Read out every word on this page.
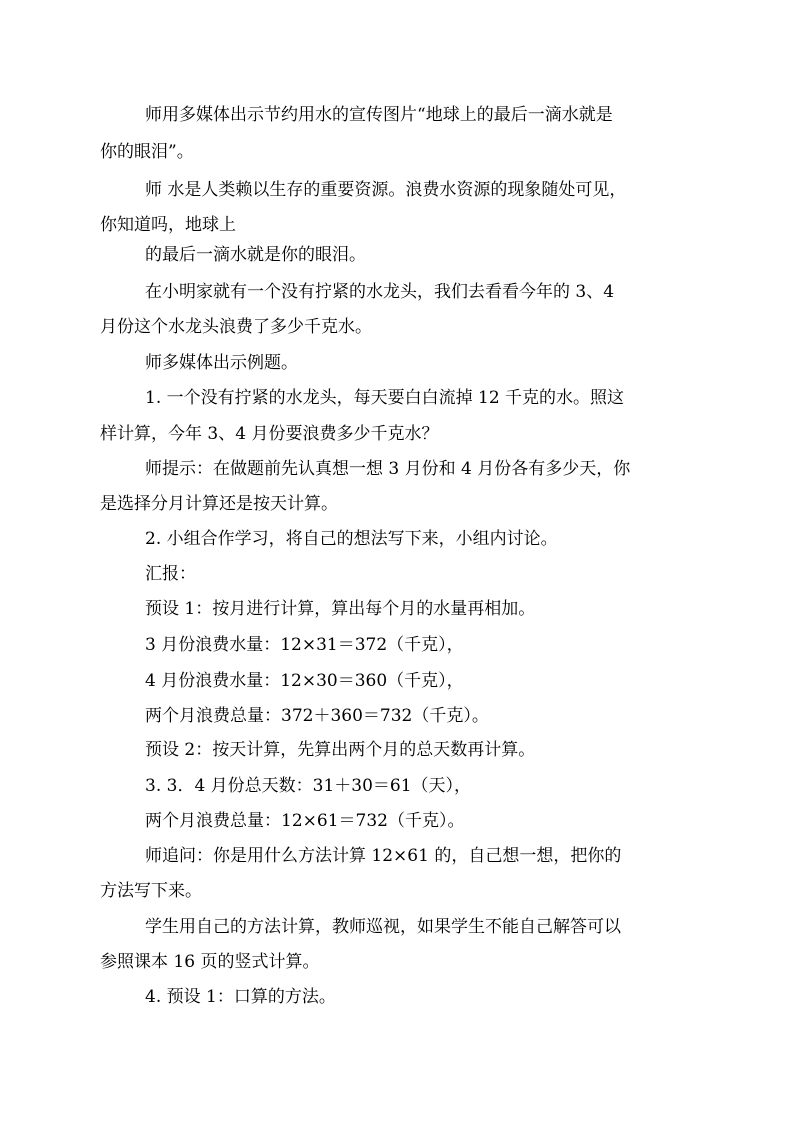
师用多媒体出示节约用水的宣传图片“地球上的最后一滴水就是
你的眼泪”。
师 水是人类赖以生存的重要资源。浪费水资源的现象随处可见，
你知道吗，地球上
的最后一滴水就是你的眼泪。
在小明家就有一个没有拧紧的水龙头，我们去看看今年的 3、4
月份这个水龙头浪费了多少千克水。
师多媒体出示例题。
1. 一个没有拧紧的水龙头，每天要白白流掉 12 千克的水。照这
样计算，今年 3、4 月份要浪费多少千克水？
师提示：在做题前先认真想一想 3 月份和 4 月份各有多少天，你
是选择分月计算还是按天计算。
2. 小组合作学习，将自己的想法写下来，小组内讨论。
汇报：
预设 1：按月进行计算，算出每个月的水量再相加。
3 月份浪费水量：12×31＝372（千克），
4 月份浪费水量：12×30＝360（千克），
两个月浪费总量：372＋360＝732（千克）。
预设 2：按天计算，先算出两个月的总天数再计算。
3. 3．4 月份总天数：31＋30＝61（天），
两个月浪费总量：12×61＝732（千克）。
师追问：你是用什么方法计算 12×61 的，自己想一想，把你的
方法写下来。
学生用自己的方法计算，教师巡视，如果学生不能自己解答可以
参照课本 16 页的竖式计算。
4. 预设 1：口算的方法。
